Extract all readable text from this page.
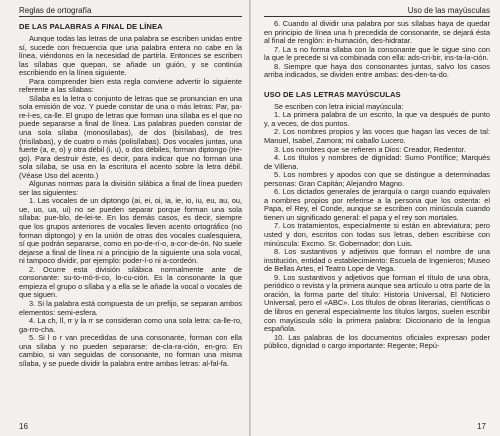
Reglas de ortografía
DE LAS PALABRAS A FINAL DE LÍNEA

Aunque todas las letras de una palabra se escriben unidas entre sí, sucede con frecuencia que una palabra entera no cabe en la línea, viéndonos en la necesidad de partirla. Entonces se escriben las sílabas que quepan, se añade un guión, y se continúa escribiendo en la línea siguiente.

Para comprender bien esta regla conviene advertir lo siguiente referente a las sílabas:

Sílaba es la letra o conjunto de letras que se pronuncian en una sola emisión de voz. Y puede constar de una o más letras: Par, pa-re-l-es, ca-lle. El grupo de letras que forman una sílaba es el que no puede separarse a final de línea. Las palabras pueden constar de una sola sílaba (monosílabas), de dos (bisílabas), de tres (trisílabas), y de cuatro o más (polisílabas). Dos vocales juntas, una fuerte (a, e, o) y otra débil (i, u), o dos débiles, forman diptongo (rie-go). Para destruir éste, es decir, para indicar que no forman una sola sílaba, se usa en la escritura el acento sobre la letra débil. (Véase Uso del acento.)

Algunas normas para la división silábica a final de línea pueden ser las siguientes:

1. Las vocales de un diptongo (ai, ei, oi, ia, ie, io, iu, eu, au, ou, ue, uo, ua, ui) no se pueden separar porque forman una sola sílaba: pue-blo, de-lei-te. En los demás casos, es decir, siempre que los grupos anteriores de vocales lleven acento ortográfico (no forman diptongo) y en la unión de otras dos vocales cualesquiera, sí que podrán separarse, como en po-de-rí-o, a-cor-de-ón. No suele dejarse a final de línea ni a principio de la siguiente una sola vocal, ni tampoco dividir, por ejemplo: poder-í-o ni a-cordeón.

2. Ocurre esta división silábica normalmente ante de consonante: su-to-mó-ti-co, lo-cu-ción. Es la consonante la que empieza el grupo o sílaba y a ella se le añade la vocal o vocales de que siguen.

3. Si la palabra está compuesta de un prefijo, se separan ambos elementos: semi-esfera.

4. La ch, ll, rr y la rr se consideran como una sola letra: ca-lle-ro, ga-rro-cha.

5. Si l o r van precedidas de una consonante, forman con ella una sílaba y no pueden separarse: de-cla-ra-ción, en-gro. En cambio, si van seguidas de consonante, no forman una misma sílaba, y se puede dividir la palabra entre ambas letras: al-fal-fa.

16
Uso de las mayúsculas

6. Cuando al dividir una palabra por sus sílabas haya de quedar en principio de línea una h precedida de consonante, se dejará ésta al final de renglón: in-humación, des-hidratar.

7. La s no forma sílaba con la consonante que le sigue sino con la que le precede si va combinada con ella: ads-cri-bir, ins-ta-la-ción.

8. Siempre que haya dos consonantes juntas, salvo los casos arriba indicados, se dividen entre ambas: des-den-ta-do.

USO DE LAS LETRAS MAYÚSCULAS

Se escriben con letra inicial mayúscula:

1. La primera palabra de un escrito, la que va después de punto y, a veces, de dos puntos.

2. Los nombres propios y las voces que hagan las veces de tal: Manuel, Isabel, Zamora; mi caballo Lucero.

3. Los nombres que se refieren a Dios: Creador, Redentor.

4. Los títulos y nombres de dignidad: Sumo Pontífice; Marqués de Villena.

5. Los nombres y apodos con que se distingue a determinadas personas: Gran Capitán; Alejandro Magno.

6. Los dictados generales de jerarquía o cargo cuando equivalen a nombres propios por referirse a la persona que los ostenta: el Papa, el Rey, el Conde, aunque se escriben con minúscula cuando tienen un significado general: el papa y el rey son mortales.

7. Los tratamientos, especialmente si están en abreviatura; pero usted y don, escritos con todas sus letras, deben escribirse con minúscula: Excmo. Sr. Gobernador; don Luis.

8. Los sustantivos y adjetivos que forman el nombre de una institución, entidad o establecimiento: Escuela de Ingenieros; Museo de Bellas Artes, el Teatro Lope de Vega.

9. Los sustantivos y adjetivos que forman el título de una obra, periódico o revista y la primera aunque sea artículo u otra parte de la oración, la forma parte del título: Historia Universal, El Noticiero Universal, pero el «ABC». Los títulos de obras literarias, científicas o de libros en general especialmente los títulos largos, suelen escribir con mayúscula sólo la primera palabra: Diccionario de la lengua española.

10. Las palabras de los documentos oficiales expresan poder público, dignidad o cargo importante: Regente; Repú-

17
